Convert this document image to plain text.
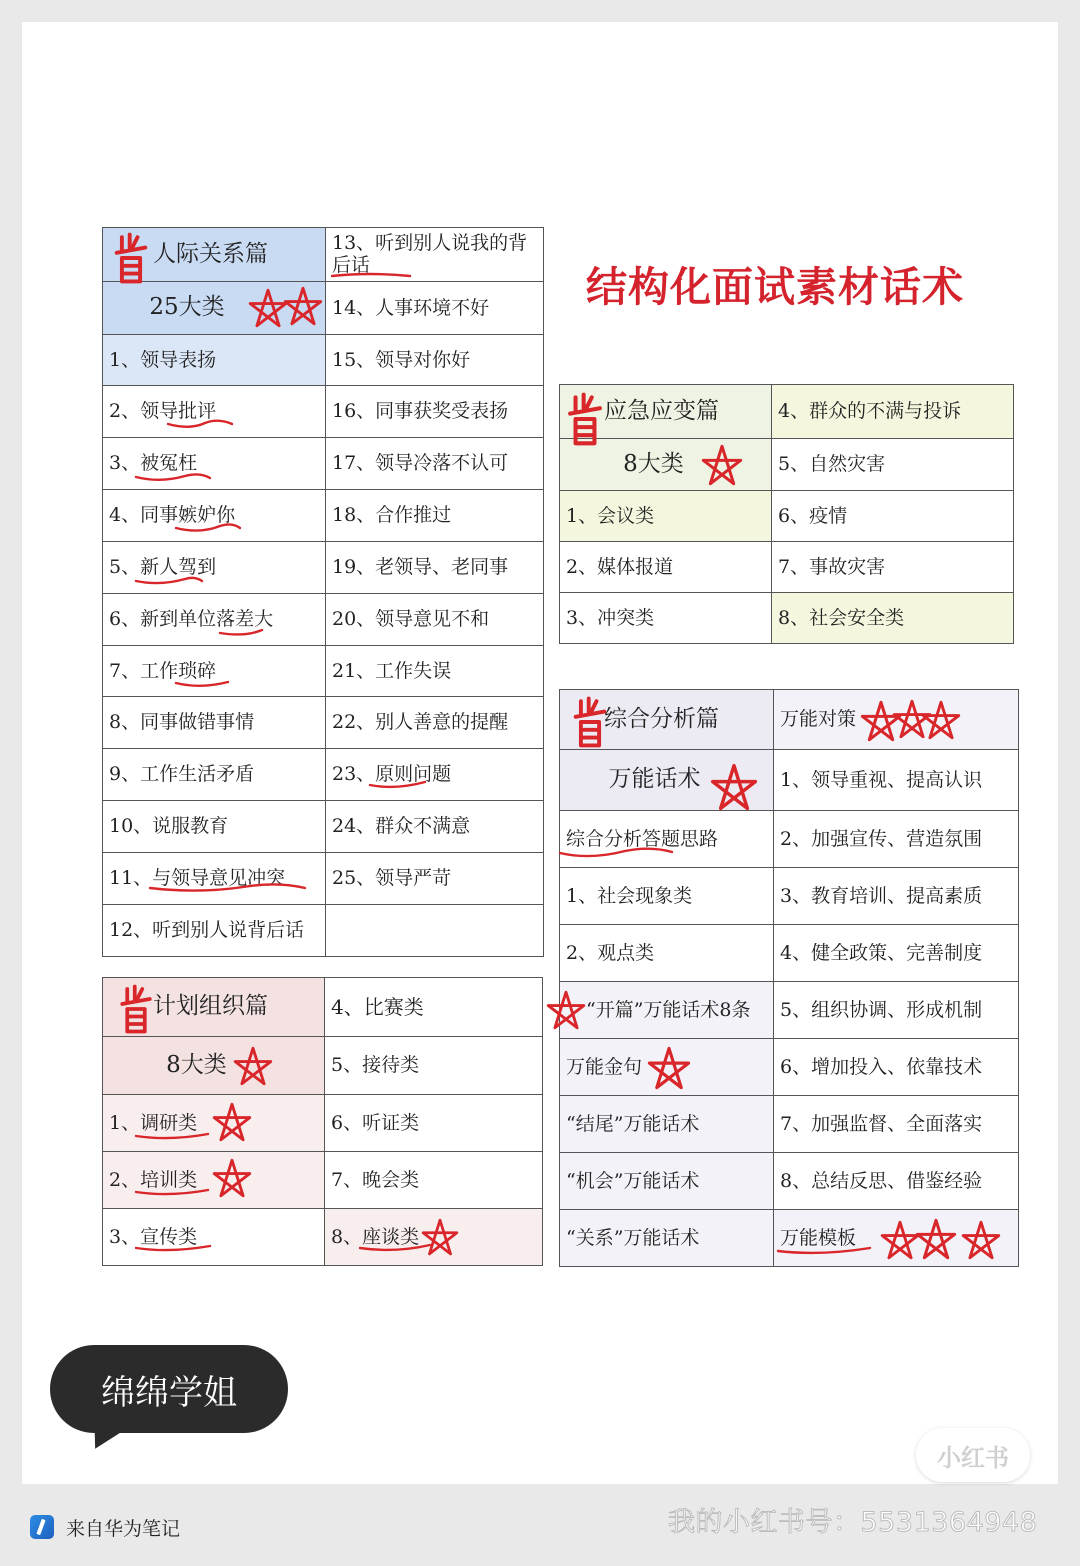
结构化面试素材话术
人际关系篇	13、听到别人说我的背后话
25大类	14、人事环境不好
1、领导表扬	15、领导对你好
2、领导批评	16、同事获奖受表扬
3、被冤枉	17、领导冷落不认可
4、同事嫉妒你	18、合作推过
5、新人驾到	19、老领导、老同事
6、新到单位落差大	20、领导意见不和
7、工作琐碎	21、工作失误
8、同事做错事情	22、别人善意的提醒
9、工作生活矛盾	23、原则问题
10、说服教育	24、群众不满意
11、与领导意见冲突	25、领导严苛
12、听到别人说背后话	
计划组织篇	4、比赛类
8大类	5、接待类
1、调研类	6、听证类
2、培训类	7、晚会类
3、宣传类	8、座谈类
应急应变篇	4、群众的不满与投诉
8大类	5、自然灾害
1、会议类	6、疫情
2、媒体报道	7、事故灾害
3、冲突类	8、社会安全类
综合分析篇	万能对策
万能话术	1、领导重视、提高认识
综合分析答题思路	2、加强宣传、营造氛围
1、社会现象类	3、教育培训、提高素质
2、观点类	4、健全政策、完善制度
“开篇”万能话术8条	5、组织协调、形成机制
万能金句	6、增加投入、依靠技术
“结尾”万能话术	7、加强监督、全面落实
“机会”万能话术	8、总结反思、借鉴经验
“关系”万能话术	万能模板
绵绵学姐
小红书
来自华为笔记	我的小红书号：5531364948
